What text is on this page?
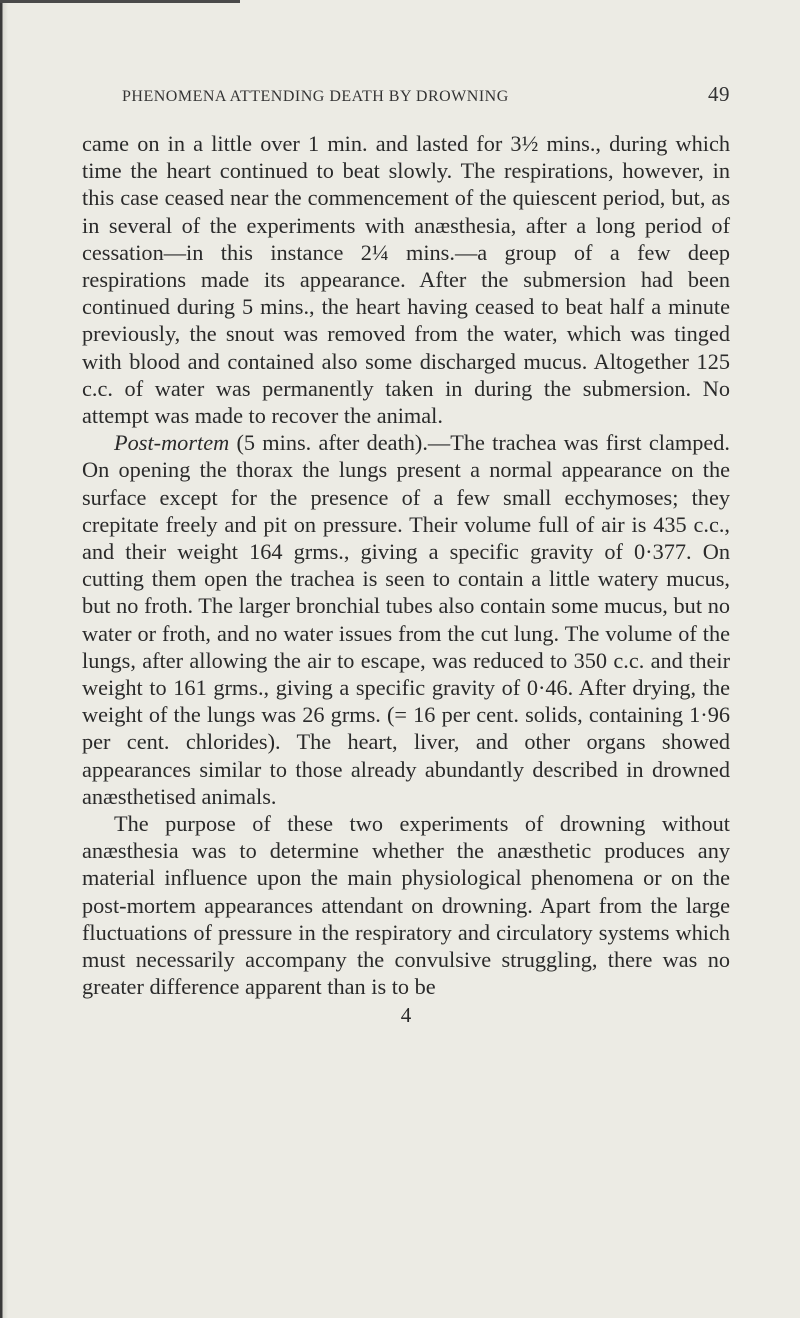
PHENOMENA ATTENDING DEATH BY DROWNING	49

came on in a little over 1 min. and lasted for 3½ mins., during which time the heart continued to beat slowly. The respirations, however, in this case ceased near the commencement of the quiescent period, but, as in several of the experiments with anæsthesia, after a long period of cessation—in this instance 2¼ mins.—a group of a few deep respirations made its appearance. After the submersion had been continued during 5 mins., the heart having ceased to beat half a minute previously, the snout was removed from the water, which was tinged with blood and contained also some discharged mucus. Altogether 125 c.c. of water was permanently taken in during the submersion. No attempt was made to recover the animal.

Post-mortem (5 mins. after death).—The trachea was first clamped. On opening the thorax the lungs present a normal appearance on the surface except for the presence of a few small ecchymoses; they crepitate freely and pit on pressure. Their volume full of air is 435 c.c., and their weight 164 grms., giving a specific gravity of 0·377. On cutting them open the trachea is seen to contain a little watery mucus, but no froth. The larger bronchial tubes also contain some mucus, but no water or froth, and no water issues from the cut lung. The volume of the lungs, after allowing the air to escape, was reduced to 350 c.c. and their weight to 161 grms., giving a specific gravity of 0·46. After drying, the weight of the lungs was 26 grms. (= 16 per cent. solids, containing 1·96 per cent. chlorides). The heart, liver, and other organs showed appearances similar to those already abundantly described in drowned anæsthetised animals.

The purpose of these two experiments of drowning without anæsthesia was to determine whether the anæsthetic produces any material influence upon the main physiological phenomena or on the post-mortem appearances attendant on drowning. Apart from the large fluctuations of pressure in the respiratory and circulatory systems which must necessarily accompany the convulsive struggling, there was no greater difference apparent than is to be

4
